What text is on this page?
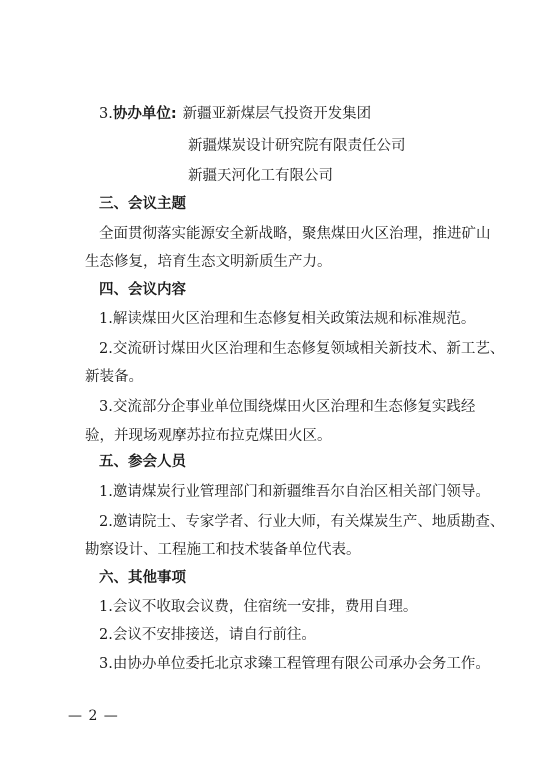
3.协办单位: 新疆亚新煤层气投资开发集团
新疆煤炭设计研究院有限责任公司
新疆天河化工有限公司
三、会议主题
全面贯彻落实能源安全新战略，聚焦煤田火区治理，推进矿山
生态修复，培育生态文明新质生产力。
四、会议内容
1.解读煤田火区治理和生态修复相关政策法规和标准规范。
2.交流研讨煤田火区治理和生态修复领域相关新技术、新工艺、
新装备。
3.交流部分企事业单位围绕煤田火区治理和生态修复实践经
验，并现场观摩苏拉布拉克煤田火区。
五、参会人员
1.邀请煤炭行业管理部门和新疆维吾尔自治区相关部门领导。
2.邀请院士、专家学者、行业大师，有关煤炭生产、地质勘查、
勘察设计、工程施工和技术装备单位代表。
六、其他事项
1.会议不收取会议费，住宿统一安排，费用自理。
2.会议不安排接送，请自行前往。
3.由协办单位委托北京求臻工程管理有限公司承办会务工作。
— 2 —
